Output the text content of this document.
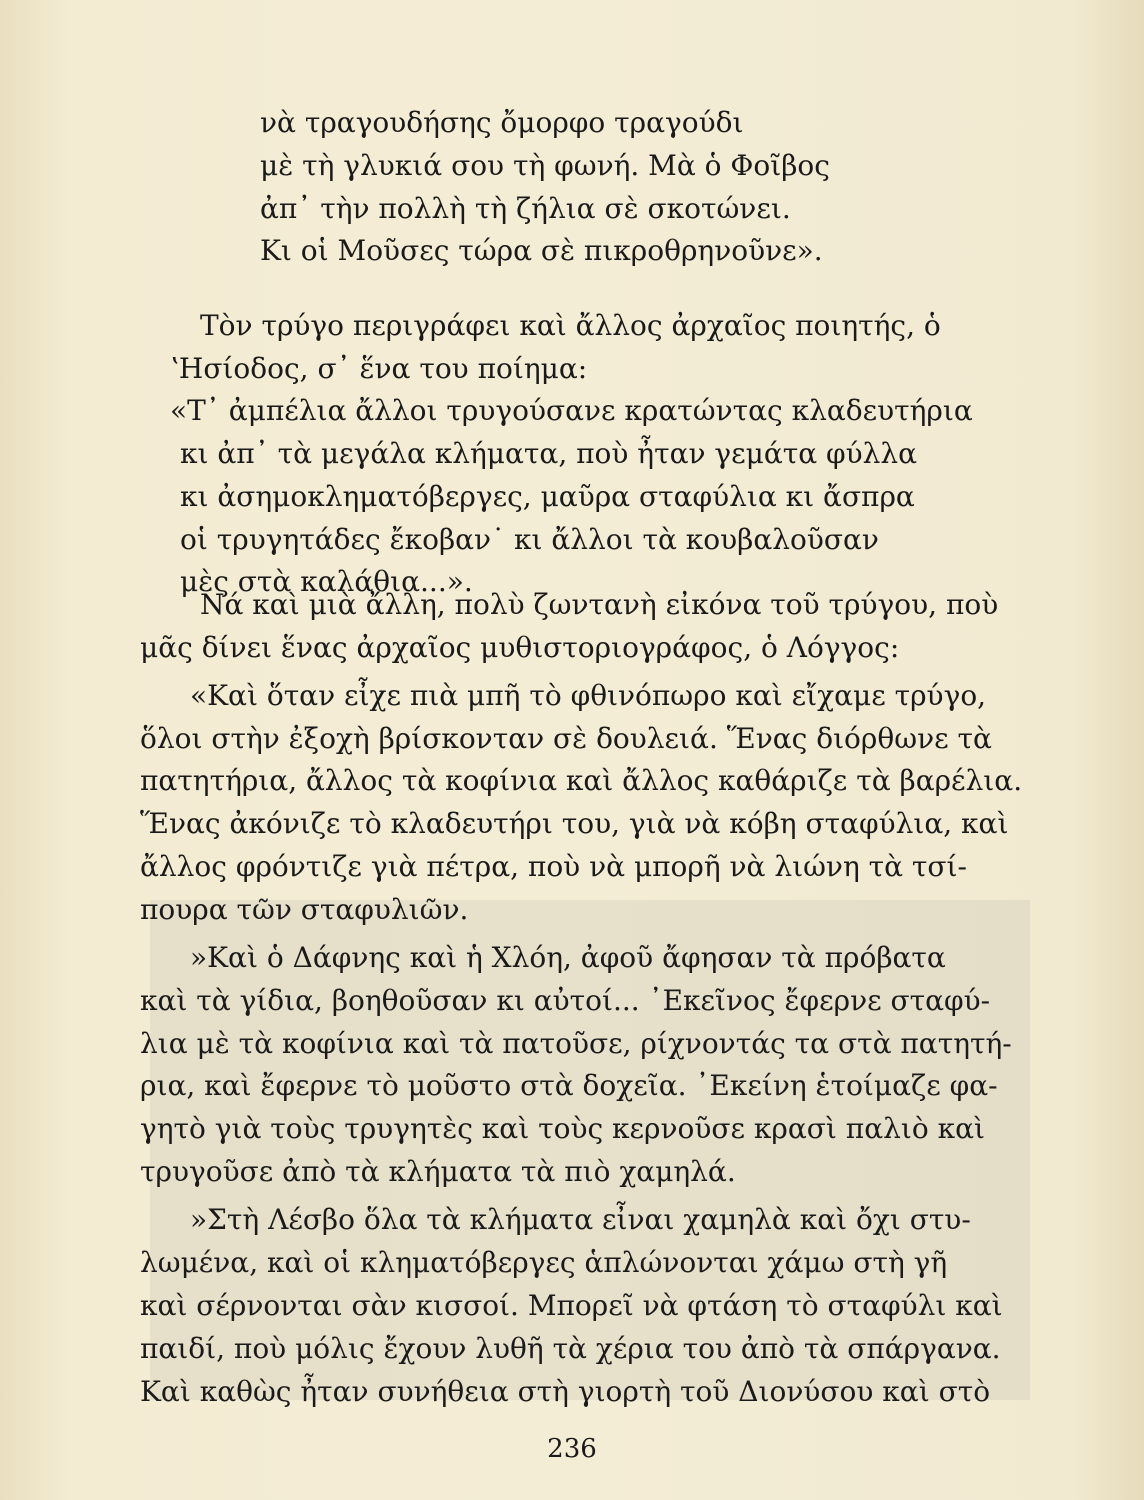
νὰ τραγουδήσης ὄμορφο τραγούδι
μὲ τὴ γλυκιά σου τὴ φωνή. Μὰ ὁ Φοῖβος
ἀπ᾽ τὴν πολλὴ τὴ ζήλια σὲ σκοτώνει.
Κι οἱ Μοῦσες τώρα σὲ πικροθρηνοῦνε».
Τὸν τρύγο περιγράφει καὶ ἄλλος ἀρχαῖος ποιητής, ὁ
ʽΗσίοδος, σ᾽ ἕνα του ποίημα:
«Τ᾽ ἀμπέλια ἄλλοι τρυγούσανε κρατώντας κλαδευτήρια
κι ἀπ᾽ τὰ μεγάλα κλήματα, ποὺ ἦταν γεμάτα φύλλα
κι ἀσημοκληματόβεργες, μαῦρα σταφύλια κι ἄσπρα
οἱ τρυγητάδες ἔκοβαν˙ κι ἄλλοι τὰ κουβαλοῦσαν
μὲς στὰ καλάθια...».
Νά καὶ μιὰ ἄλλη, πολὺ ζωντανὴ εἰκόνα τοῦ τρύγου, ποὺ
μᾶς δίνει ἕνας ἀρχαῖος μυθιστοριογράφος, ὁ Λόγγος:
«Καὶ ὅταν εἶχε πιὰ μπῆ τὸ φθινόπωρο καὶ εἴχαμε τρύγο,
ὅλοι στὴν ἐξοχὴ βρίσκονταν σὲ δουλειά. Ἕνας διόρθωνε τὰ
πατητήρια, ἄλλος τὰ κοφίνια καὶ ἄλλος καθάριζε τὰ βαρέλια.
Ἕνας ἀκόνιζε τὸ κλαδευτήρι του, γιὰ νὰ κόβη σταφύλια, καὶ
ἄλλος φρόντιζε γιὰ πέτρα, ποὺ νὰ μπορῆ νὰ λιώνη τὰ τσί-
πουρα τῶν σταφυλιῶν.
»Καὶ ὁ Δάφνης καὶ ἡ Χλόη, ἀφοῦ ἄφησαν τὰ πρόβατα
καὶ τὰ γίδια, βοηθοῦσαν κι αὐτοί... ᾿Εκεῖνος ἔφερνε σταφύ-
λια μὲ τὰ κοφίνια καὶ τὰ πατοῦσε, ρίχνοντάς τα στὰ πατητή-
ρια, καὶ ἔφερνε τὸ μοῦστο στὰ δοχεῖα. ᾿Εκείνη ἑτοίμαζε φα-
γητὸ γιὰ τοὺς τρυγητὲς καὶ τοὺς κερνοῦσε κρασὶ παλιὸ καὶ
τρυγοῦσε ἀπὸ τὰ κλήματα τὰ πιὸ χαμηλά.
»Στὴ Λέσβο ὅλα τὰ κλήματα εἶναι χαμηλὰ καὶ ὄχι στυ-
λωμένα, καὶ οἱ κληματόβεργες ἁπλώνονται χάμω στὴ γῆ
καὶ σέρνονται σὰν κισσοί. Μπορεῖ νὰ φτάση τὸ σταφύλι καὶ
παιδί, ποὺ μόλις ἔχουν λυθῆ τὰ χέρια του ἀπὸ τὰ σπάργανα.
Καὶ καθὼς ἦταν συνήθεια στὴ γιορτὴ τοῦ Διονύσου καὶ στὸ
236
